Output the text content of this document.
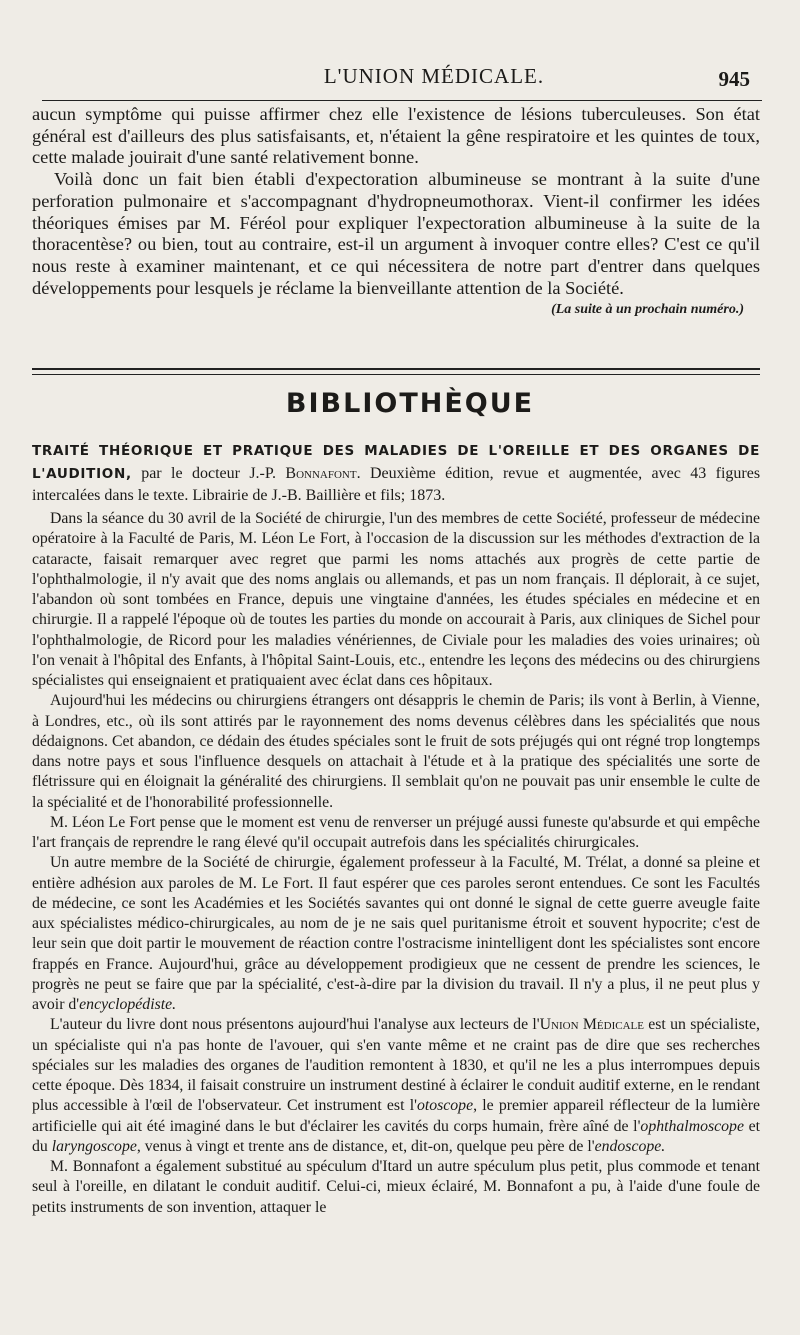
L'UNION MÉDICALE.	945

aucun symptôme qui puisse affirmer chez elle l'existence de lésions tuberculeuses. Son état général est d'ailleurs des plus satisfaisants, et, n'étaient la gêne respiratoire et les quintes de toux, cette malade jouirait d'une santé relativement bonne.

Voilà donc un fait bien établi d'expectoration albumineuse se montrant à la suite d'une perforation pulmonaire et s'accompagnant d'hydropneumothorax. Vient-il confirmer les idées théoriques émises par M. Féréol pour expliquer l'expectoration albumineuse à la suite de la thoracentèse? ou bien, tout au contraire, est-il un argument à invoquer contre elles? C'est ce qu'il nous reste à examiner maintenant, et ce qui nécessitera de notre part d'entrer dans quelques développements pour lesquels je réclame la bienveillante attention de la Société.

(La suite à un prochain numéro.)

BIBLIOTHÈQUE

TRAITÉ THÉORIQUE ET PRATIQUE DES MALADIES DE L'OREILLE ET DES ORGANES DE L'AUDITION, par le docteur J.-P. Bonnafont. Deuxième édition, revue et augmentée, avec 43 figures intercalées dans le texte. Librairie de J.-B. Baillière et fils; 1873.

Dans la séance du 30 avril de la Société de chirurgie, l'un des membres de cette Société, professeur de médecine opératoire à la Faculté de Paris, M. Léon Le Fort, à l'occasion de la discussion sur les méthodes d'extraction de la cataracte, faisait remarquer avec regret que parmi les noms attachés aux progrès de cette partie de l'ophthalmologie, il n'y avait que des noms anglais ou allemands, et pas un nom français. Il déplorait, à ce sujet, l'abandon où sont tombées en France, depuis une vingtaine d'années, les études spéciales en médecine et en chirurgie. Il a rappelé l'époque où de toutes les parties du monde on accourait à Paris, aux cliniques de Sichel pour l'ophthalmologie, de Ricord pour les maladies vénériennes, de Civiale pour les maladies des voies urinaires; où l'on venait à l'hôpital des Enfants, à l'hôpital Saint-Louis, etc., entendre les leçons des médecins ou des chirurgiens spécialistes qui enseignaient et pratiquaient avec éclat dans ces hôpitaux.

Aujourd'hui les médecins ou chirurgiens étrangers ont désappris le chemin de Paris; ils vont à Berlin, à Vienne, à Londres, etc., où ils sont attirés par le rayonnement des noms devenus célèbres dans les spécialités que nous dédaignons. Cet abandon, ce dédain des études spéciales sont le fruit de sots préjugés qui ont régné trop longtemps dans notre pays et sous l'influence desquels on attachait à l'étude et à la pratique des spécialités une sorte de flétrissure qui en éloignait la généralité des chirurgiens. Il semblait qu'on ne pouvait pas unir ensemble le culte de la spécialité et de l'honorabilité professionnelle.

M. Léon Le Fort pense que le moment est venu de renverser un préjugé aussi funeste qu'absurde et qui empêche l'art français de reprendre le rang élevé qu'il occupait autrefois dans les spécialités chirurgicales.

Un autre membre de la Société de chirurgie, également professeur à la Faculté, M. Trélat, a donné sa pleine et entière adhésion aux paroles de M. Le Fort. Il faut espérer que ces paroles seront entendues. Ce sont les Facultés de médecine, ce sont les Académies et les Sociétés savantes qui ont donné le signal de cette guerre aveugle faite aux spécialistes médico-chirurgicales, au nom de je ne sais quel puritanisme étroit et souvent hypocrite; c'est de leur sein que doit partir le mouvement de réaction contre l'ostracisme inintelligent dont les spécialistes sont encore frappés en France. Aujourd'hui, grâce au développement prodigieux que ne cessent de prendre les sciences, le progrès ne peut se faire que par la spécialité, c'est-à-dire par la division du travail. Il n'y a plus, il ne peut plus y avoir d'encyclopédiste.

L'auteur du livre dont nous présentons aujourd'hui l'analyse aux lecteurs de l'Union Médicale est un spécialiste, un spécialiste qui n'a pas honte de l'avouer, qui s'en vante même et ne craint pas de dire que ses recherches spéciales sur les maladies des organes de l'audition remontent à 1830, et qu'il ne les a plus interrompues depuis cette époque. Dès 1834, il faisait construire un instrument destiné à éclairer le conduit auditif externe, en le rendant plus accessible à l'œil de l'observateur. Cet instrument est l'otoscope, le premier appareil réflecteur de la lumière artificielle qui ait été imaginé dans le but d'éclairer les cavités du corps humain, frère aîné de l'ophthalmoscope et du laryngoscope, venus à vingt et trente ans de distance, et, dit-on, quelque peu père de l'endoscope.

M. Bonnafont a également substitué au spéculum d'Itard un autre spéculum plus petit, plus commode et tenant seul à l'oreille, en dilatant le conduit auditif. Celui-ci, mieux éclairé, M. Bonnafont a pu, à l'aide d'une foule de petits instruments de son invention, attaquer le
